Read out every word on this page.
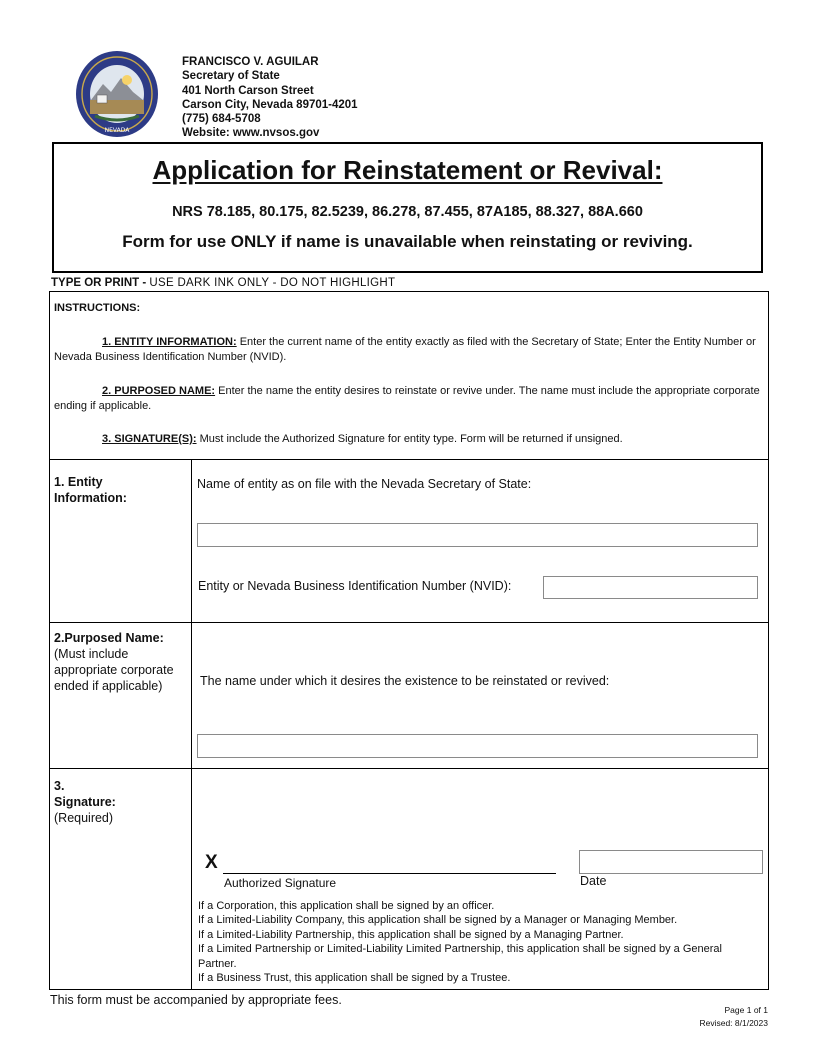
NEVADA
FRANCISCO V. AGUILAR
Secretary of State
401 North Carson Street
Carson City, Nevada 89701-4201
(775) 684-5708
Website: www.nvsos.gov
Application for Reinstatement or Revival:
NRS 78.185, 80.175, 82.5239, 86.278, 87.455, 87A185, 88.327, 88A.660
Form for use ONLY if name is unavailable when reinstating or reviving.
TYPE OR PRINT - USE DARK INK ONLY - DO NOT HIGHLIGHT
INSTRUCTIONS:
1. ENTITY INFORMATION: Enter the current name of the entity exactly as filed with the Secretary of State; Enter the Entity Number or Nevada Business Identification Number (NVID).
2. PURPOSED NAME: Enter the name the entity desires to reinstate or revive under. The name must include the appropriate corporate ending if applicable.
3. SIGNATURE(S): Must include the Authorized Signature for entity type. Form will be returned if unsigned.
1. Entity
Information:
Name of entity as on file with the Nevada Secretary of State:
Entity or Nevada Business Identification Number (NVID):
2.Purposed Name:
(Must include
appropriate corporate
ended if applicable)	The name under which it desires the existence to be reinstated or revived:
3.
Signature:
(Required)
X
Authorized Signature	Date
If a Corporation, this application shall be signed by an officer.
If a Limited-Liability Company, this application shall be signed by a Manager or Managing Member.
If a Limited-Liability Partnership, this application shall be signed by a Managing Partner.
If a Limited Partnership or Limited-Liability Limited Partnership, this application shall be signed by a General Partner.
If a Business Trust, this application shall be signed by a Trustee.
This form must be accompanied by appropriate fees.
Page 1 of 1
Revised: 8/1/2023
